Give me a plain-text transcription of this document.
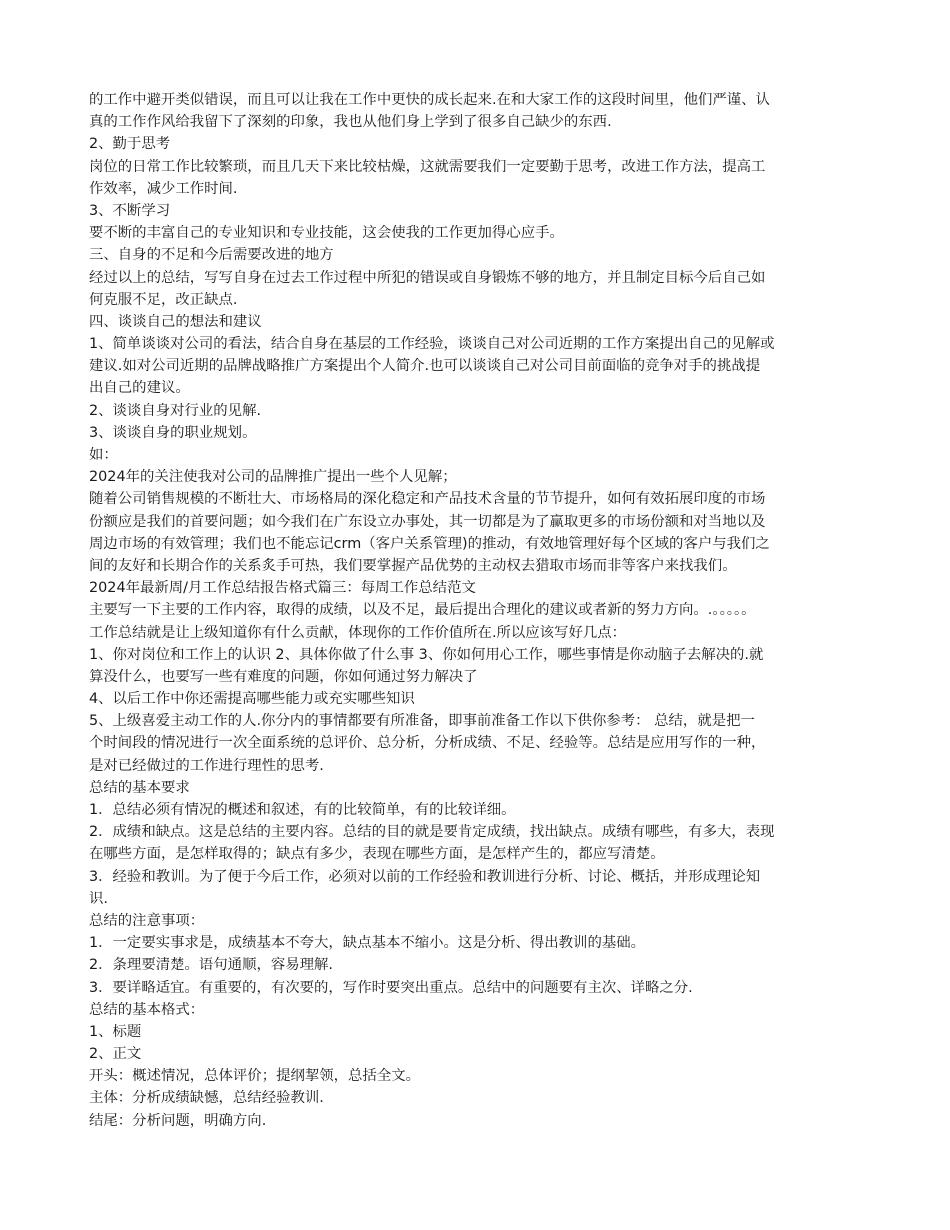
的工作中避开类似错误，而且可以让我在工作中更快的成长起来.在和大家工作的这段时间里，他们严谨、认
真的工作作风给我留下了深刻的印象，我也从他们身上学到了很多自己缺少的东西.
2、勤于思考
岗位的日常工作比较繁琐，而且几天下来比较枯燥，这就需要我们一定要勤于思考，改进工作方法，提高工
作效率，减少工作时间.
3、不断学习
要不断的丰富自己的专业知识和专业技能，这会使我的工作更加得心应手。
三、自身的不足和今后需要改进的地方
经过以上的总结，写写自身在过去工作过程中所犯的错误或自身锻炼不够的地方，并且制定目标今后自己如
何克服不足，改正缺点.
四、谈谈自己的想法和建议
1、简单谈谈对公司的看法，结合自身在基层的工作经验，谈谈自己对公司近期的工作方案提出自己的见解或
建议.如对公司近期的品牌战略推广方案提出个人简介.也可以谈谈自己对公司目前面临的竞争对手的挑战提
出自己的建议。
2、谈谈自身对行业的见解.
3、谈谈自身的职业规划。
如：
2024年的关注使我对公司的品牌推广提出一些个人见解；
随着公司销售规模的不断壮大、市场格局的深化稳定和产品技术含量的节节提升，如何有效拓展印度的市场
份额应是我们的首要问题；如今我们在广东设立办事处，其一切都是为了赢取更多的市场份额和对当地以及
周边市场的有效管理；我们也不能忘记crm（客户关系管理)的推动，有效地管理好每个区域的客户与我们之
间的友好和长期合作的关系炙手可热，我们要掌握产品优势的主动权去猎取市场而非等客户来找我们。
2024年最新周/月工作总结报告格式篇三：每周工作总结范文
主要写一下主要的工作内容，取得的成绩，以及不足，最后提出合理化的建议或者新的努力方向。.。。。。。
工作总结就是让上级知道你有什么贡献，体现你的工作价值所在.所以应该写好几点：
1、你对岗位和工作上的认识 2、具体你做了什么事 3、你如何用心工作，哪些事情是你动脑子去解决的.就
算没什么，也要写一些有难度的问题，你如何通过努力解决了
4、以后工作中你还需提高哪些能力或充实哪些知识
5、上级喜爱主动工作的人.你分内的事情都要有所准备，即事前准备工作以下供你参考： 总结，就是把一
个时间段的情况进行一次全面系统的总评价、总分析，分析成绩、不足、经验等。总结是应用写作的一种，
是对已经做过的工作进行理性的思考.
总结的基本要求
1．总结必须有情况的概述和叙述，有的比较简单，有的比较详细。
2．成绩和缺点。这是总结的主要内容。总结的目的就是要肯定成绩，找出缺点。成绩有哪些，有多大，表现
在哪些方面，是怎样取得的；缺点有多少，表现在哪些方面，是怎样产生的，都应写清楚。
3．经验和教训。为了便于今后工作，必须对以前的工作经验和教训进行分析、讨论、概括，并形成理论知
识.
总结的注意事项：
1．一定要实事求是，成绩基本不夸大，缺点基本不缩小。这是分析、得出教训的基础。
2．条理要清楚。语句通顺，容易理解.
3．要详略适宜。有重要的，有次要的，写作时要突出重点。总结中的问题要有主次、详略之分.
总结的基本格式：
1、标题
2、正文
开头：概述情况，总体评价；提纲挈领，总括全文。
主体：分析成绩缺憾，总结经验教训.
结尾：分析问题，明确方向.
